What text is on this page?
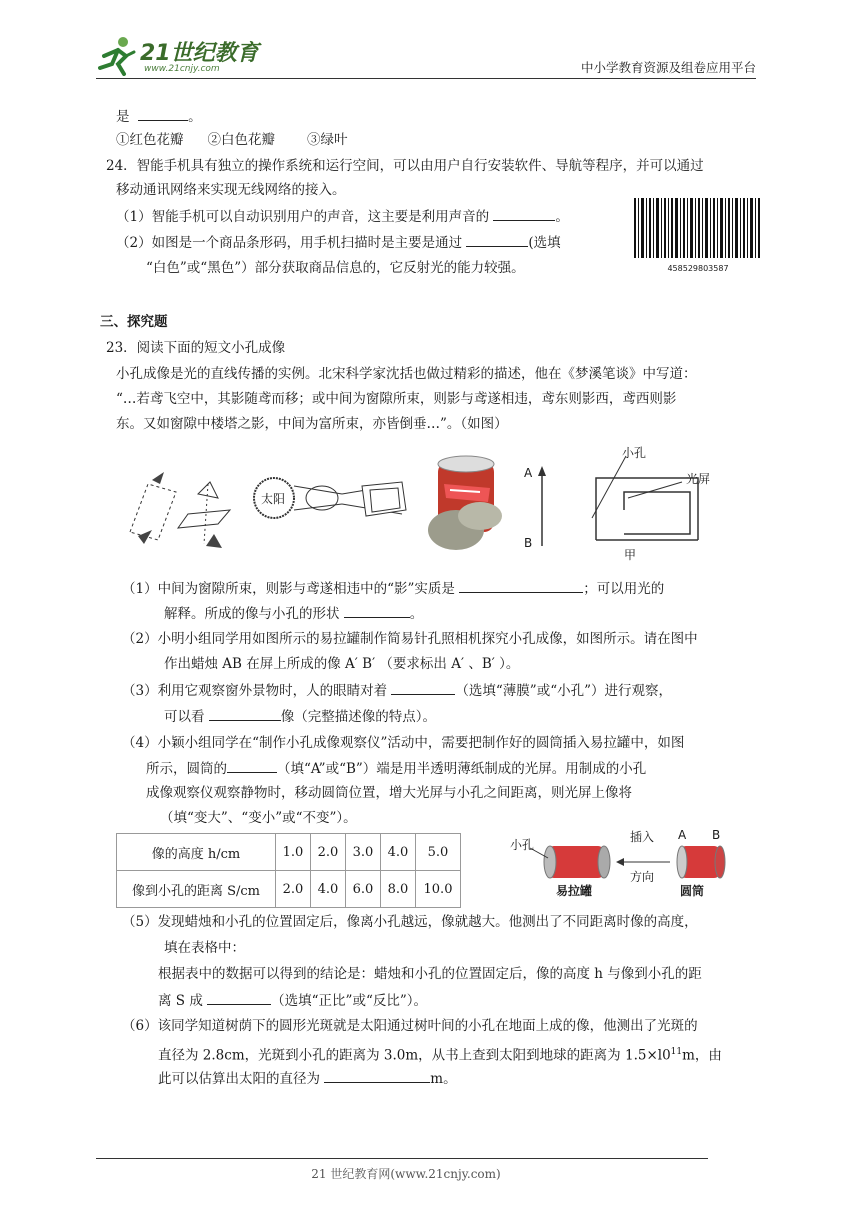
21世纪教育
www.21cnjy.com	中小学教育资源及组卷应用平台
是	。
①红色花瓣 ②白色花瓣 ③绿叶
24．智能手机具有独立的操作系统和运行空间，可以由用户自行安装软件、导航等程序，并可以通过
移动通讯网络来实现无线网络的接入。
（1）智能手机可以自动识别用户的声音，这主要是利用声音的	。
（2）如图是一个商品条形码，用手机扫描时是主要是通过	(选填
“白色”或“黑色”）部分获取商品信息的，它反射光的能力较强。	458529803587
三、探究题
23．阅读下面的短文小孔成像
小孔成像是光的直线传播的实例。北宋科学家沈括也做过精彩的描述，他在《梦溪笔谈》中写道：
“…若鸢飞空中，其影随鸢而移；或中间为窗隙所束，则影与鸢遂相违，鸢东则影西，鸢西则影
东。又如窗隙中楼塔之影，中间为富所束，亦皆倒垂…”。（如图）
太阳
A
B
小孔
光屏
甲
（1）中间为窗隙所束，则影与鸢遂相违中的“影”实质是	；可以用光的
解释。所成的像与小孔的形状	。
（2）小明小组同学用如图所示的易拉罐制作简易针孔照相机探究小孔成像，如图所示。请在图中
作出蜡烛 AB 在屏上所成的像 A′ B′ （要求标出 A′ 、B′ ）。
（3）利用它观察窗外景物时，人的眼睛对着	（选填“薄膜”或“小孔”）进行观察，
可以看	像（完整描述像的特点）。
（4）小颖小组同学在“制作小孔成像观察仪”活动中，需要把制作好的圆筒插入易拉罐中，如图
所示，圆筒的	（填“A”或“B”）端是用半透明薄纸制成的光屏。用制成的小孔
成像观察仪观察静物时，移动圆筒位置，增大光屏与小孔之间距离，则光屏上像将
（填“变大”、“变小”或“不变”）。
像的高度 h/cm	1.0	2.0	3.0	4.0	5.0
像到小孔的距离 S/cm	2.0	4.0	6.0	8.0	10.0
小孔
插入
方向
A B
易拉罐	圆筒
（5）发现蜡烛和小孔的位置固定后，像离小孔越远，像就越大。他测出了不同距离时像的高度，
填在表格中：
根据表中的数据可以得到的结论是：蜡烛和小孔的位置固定后，像的高度 h 与像到小孔的距
离 S 成	（选填“正比”或“反比”）。
（6）该同学知道树荫下的圆形光斑就是太阳通过树叶间的小孔在地面上成的像，他测出了光斑的
直径为 2.8cm，光斑到小孔的距离为 3.0m，从书上查到太阳到地球的距离为 $1.5\times l0^{11}m$，由
此可以估算出太阳的直径为	m。
21 世纪教育网(www.21cnjy.com)
